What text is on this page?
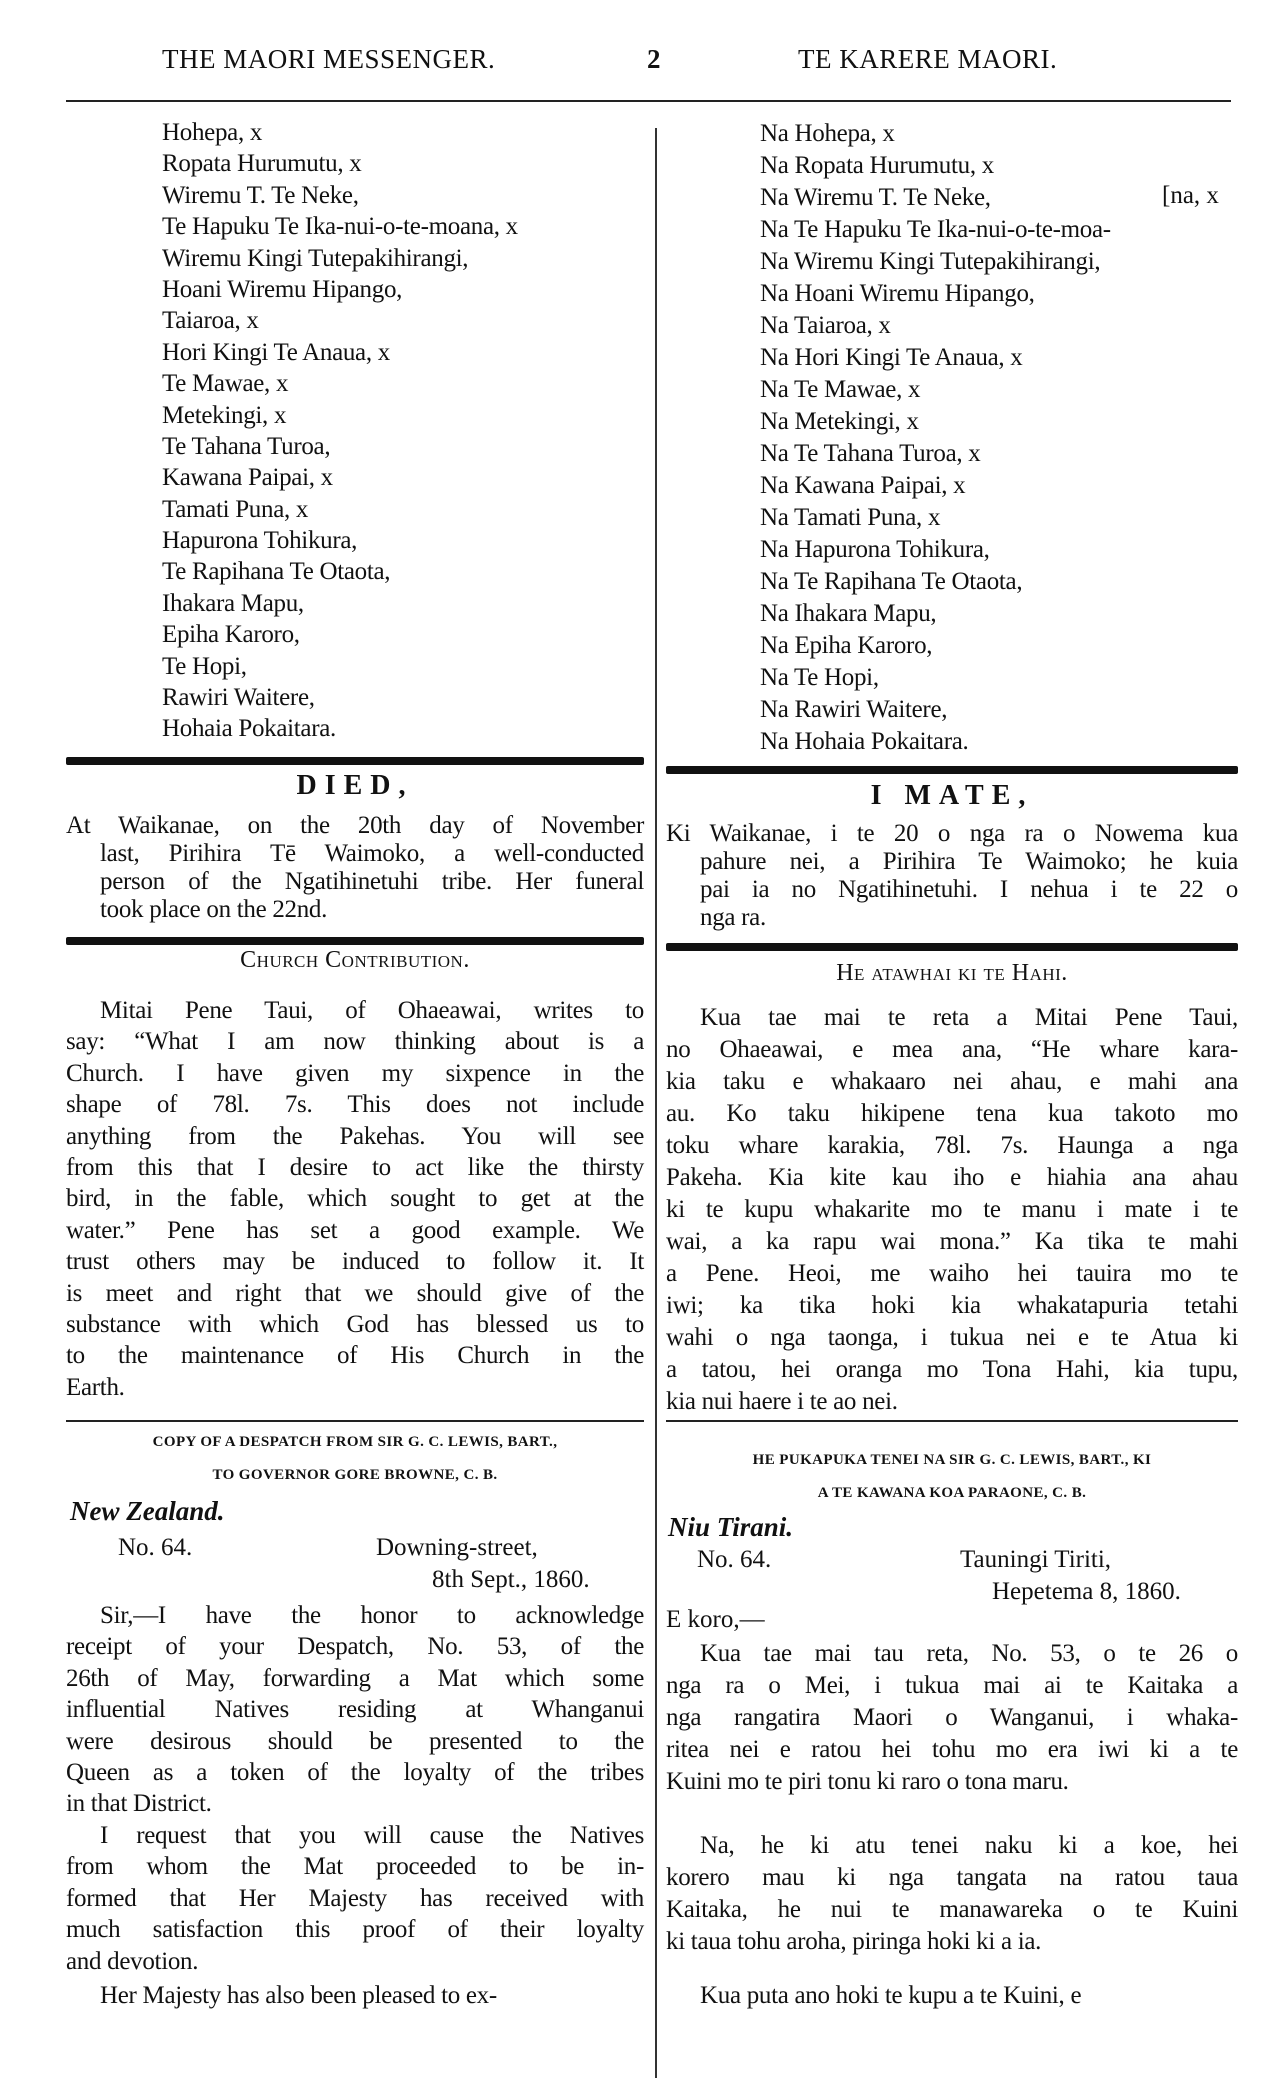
THE MAORI MESSENGER.	2	TE KARERE MAORI.
Hohepa, x
Ropata Hurumutu, x
Wiremu T. Te Neke,
Te Hapuku Te Ika-nui-o-te-moana, x
Wiremu Kingi Tutepakihirangi,
Hoani Wiremu Hipango,
Taiaroa, x
Hori Kingi Te Anaua, x
Te Mawae, x
Metekingi, x
Te Tahana Turoa,
Kawana Paipai, x
Tamati Puna, x
Hapurona Tohikura,
Te Rapihana Te Otaota,
Ihakara Mapu,
Epiha Karoro,
Te Hopi,
Rawiri Waitere,
Hohaia Pokaitara.
Na Hohepa, x
Na Ropata Hurumutu, x
Na Wiremu T. Te Neke,
Na Te Hapuku Te Ika-nui-o-te-moa-
Na Wiremu Kingi Tutepakihirangi,
Na Hoani Wiremu Hipango,
Na Taiaroa, x
Na Hori Kingi Te Anaua, x
Na Te Mawae, x
Na Metekingi, x
Na Te Tahana Turoa, x
Na Kawana Paipai, x
Na Tamati Puna, x
Na Hapurona Tohikura,
Na Te Rapihana Te Otaota,
Na Ihakara Mapu,
Na Epiha Karoro,
Na Te Hopi,
Na Rawiri Waitere,
Na Hohaia Pokaitara.
[na, x
DIED,	I MATE,
At Waikanae, on the 20th day of November
last, Pirihira Tē Waimoko, a well-conducted
person of the Ngatihinetuhi tribe. Her funeral
took place on the 22nd.
Ki Waikanae, i te 20 o nga ra o Nowema kua
pahure nei, a Pirihira Te Waimoko; he kuia
pai ia no Ngatihinetuhi. I nehua i te 22 o
nga ra.
Church Contribution.	He atawhai ki te Hahi.
Mitai Pene Taui, of Ohaeawai, writes to
say: “What I am now thinking about is a
Church. I have given my sixpence in the
shape of 78l. 7s. This does not include
anything from the Pakehas. You will see
from this that I desire to act like the thirsty
bird, in the fable, which sought to get at the
water.” Pene has set a good example. We
trust others may be induced to follow it. It
is meet and right that we should give of the
substance with which God has blessed us to
to the maintenance of His Church in the
Earth.
Kua tae mai te reta a Mitai Pene Taui,
no Ohaeawai, e mea ana, “He whare kara-
kia taku e whakaaro nei ahau, e mahi ana
au. Ko taku hikipene tena kua takoto mo
toku whare karakia, 78l. 7s. Haunga a nga
Pakeha. Kia kite kau iho e hiahia ana ahau
ki te kupu whakarite mo te manu i mate i te
wai, a ka rapu wai mona.” Ka tika te mahi
a Pene. Heoi, me waiho hei tauira mo te
iwi; ka tika hoki kia whakatapuria tetahi
wahi o nga taonga, i tukua nei e te Atua ki
a tatou, hei oranga mo Tona Hahi, kia tupu,
kia nui haere i te ao nei.
COPY OF A DESPATCH FROM SIR G. C. LEWIS, BART.,
TO GOVERNOR GORE BROWNE, C. B.
New Zealand.
No. 64.	Downing-street,
8th Sept., 1860.
Sir,—I have the honor to acknowledge
receipt of your Despatch, No. 53, of the
26th of May, forwarding a Mat which some
influential Natives residing at Whanganui
were desirous should be presented to the
Queen as a token of the loyalty of the tribes
in that District.
I request that you will cause the Natives
from whom the Mat proceeded to be in-
formed that Her Majesty has received with
much satisfaction this proof of their loyalty
and devotion.
Her Majesty has also been pleased to ex-
HE PUKAPUKA TENEI NA SIR G. C. LEWIS, BART., KI
A TE KAWANA KOA PARAONE, C. B.
Niu Tirani.
No. 64.	Tauningi Tiriti,
Hepetema 8, 1860.
E koro,—
Kua tae mai tau reta, No. 53, o te 26 o
nga ra o Mei, i tukua mai ai te Kaitaka a
nga rangatira Maori o Wanganui, i whaka-
ritea nei e ratou hei tohu mo era iwi ki a te
Kuini mo te piri tonu ki raro o tona maru.
Na, he ki atu tenei naku ki a koe, hei
korero mau ki nga tangata na ratou taua
Kaitaka, he nui te manawareka o te Kuini
ki taua tohu aroha, piringa hoki ki a ia.
Kua puta ano hoki te kupu a te Kuini, e
